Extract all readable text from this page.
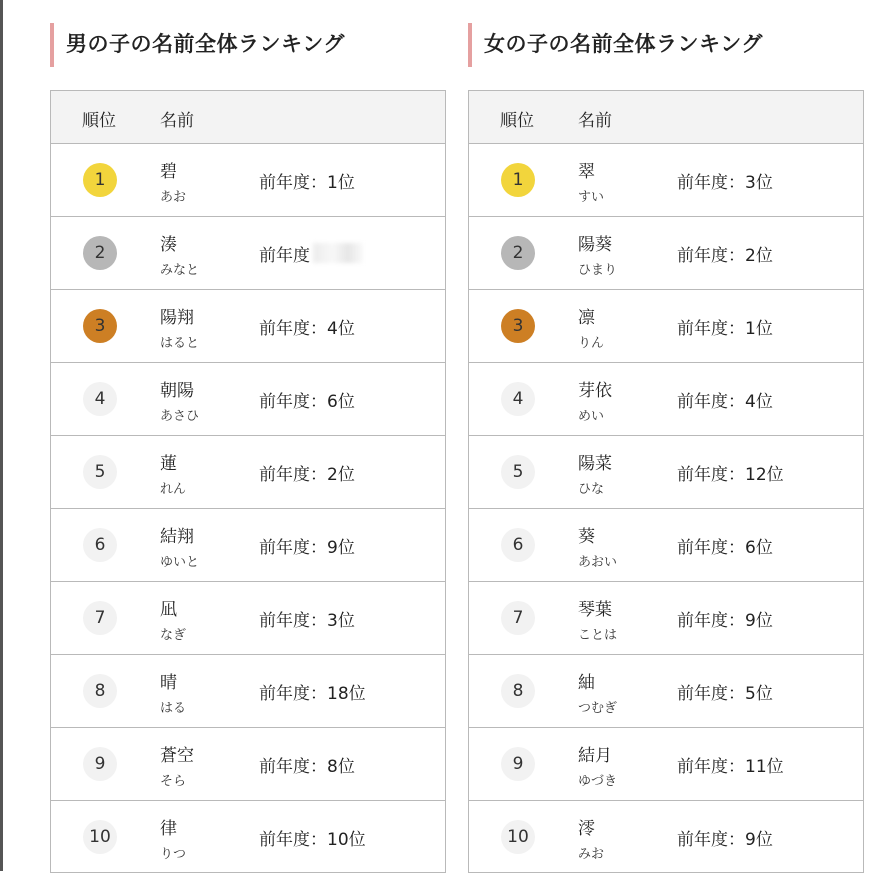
男の子の名前全体ランキング
順位	名前
1	碧
あお
前年度：1位
2	湊
みなと
前年度
3	陽翔
はると
前年度：4位
4	朝陽
あさひ
前年度：6位
5	蓮
れん
前年度：2位
6	結翔
ゆいと
前年度：9位
7	凪
なぎ
前年度：3位
8	晴
はる
前年度：18位
9	蒼空
そら
前年度：8位
10	律
りつ
前年度：10位
女の子の名前全体ランキング
順位	名前
1	翠
すい
前年度：3位
2	陽葵
ひまり
前年度：2位
3	凛
りん
前年度：1位
4	芽依
めい
前年度：4位
5	陽菜
ひな
前年度：12位
6	葵
あおい
前年度：6位
7	琴葉
ことは
前年度：9位
8	紬
つむぎ
前年度：5位
9	結月
ゆづき
前年度：11位
10	澪
みお
前年度：9位
